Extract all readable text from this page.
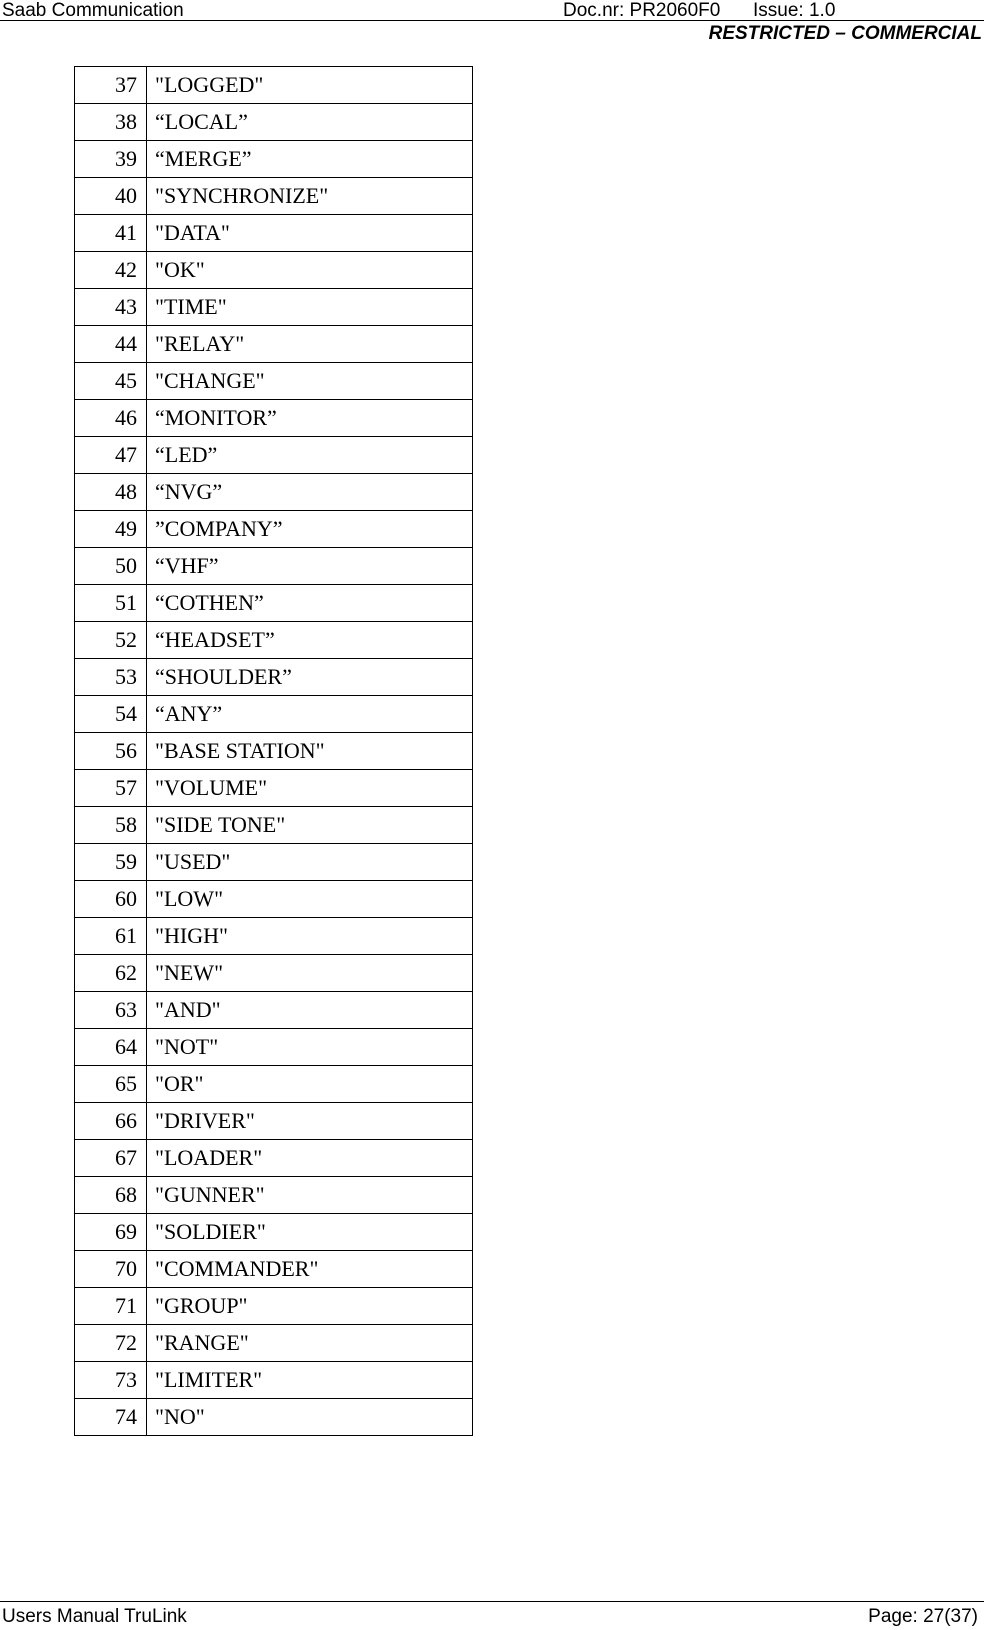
Saab Communication	Doc.nr: PR2060F0 Issue: 1.0
RESTRICTED – COMMERCIAL
37	"LOGGED"
38	“LOCAL”
39	“MERGE”
40	"SYNCHRONIZE"
41	"DATA"
42	"OK"
43	"TIME"
44	"RELAY"
45	"CHANGE"
46	“MONITOR”
47	“LED”
48	“NVG”
49	”COMPANY”
50	“VHF”
51	“COTHEN”
52	“HEADSET”
53	“SHOULDER”
54	“ANY”
56	"BASE STATION"
57	"VOLUME"
58	"SIDE TONE"
59	"USED"
60	"LOW"
61	"HIGH"
62	"NEW"
63	"AND"
64	"NOT"
65	"OR"
66	"DRIVER"
67	"LOADER"
68	"GUNNER"
69	"SOLDIER"
70	"COMMANDER"
71	"GROUP"
72	"RANGE"
73	"LIMITER"
74	"NO"
Users Manual TruLink	Page: 27(37)
